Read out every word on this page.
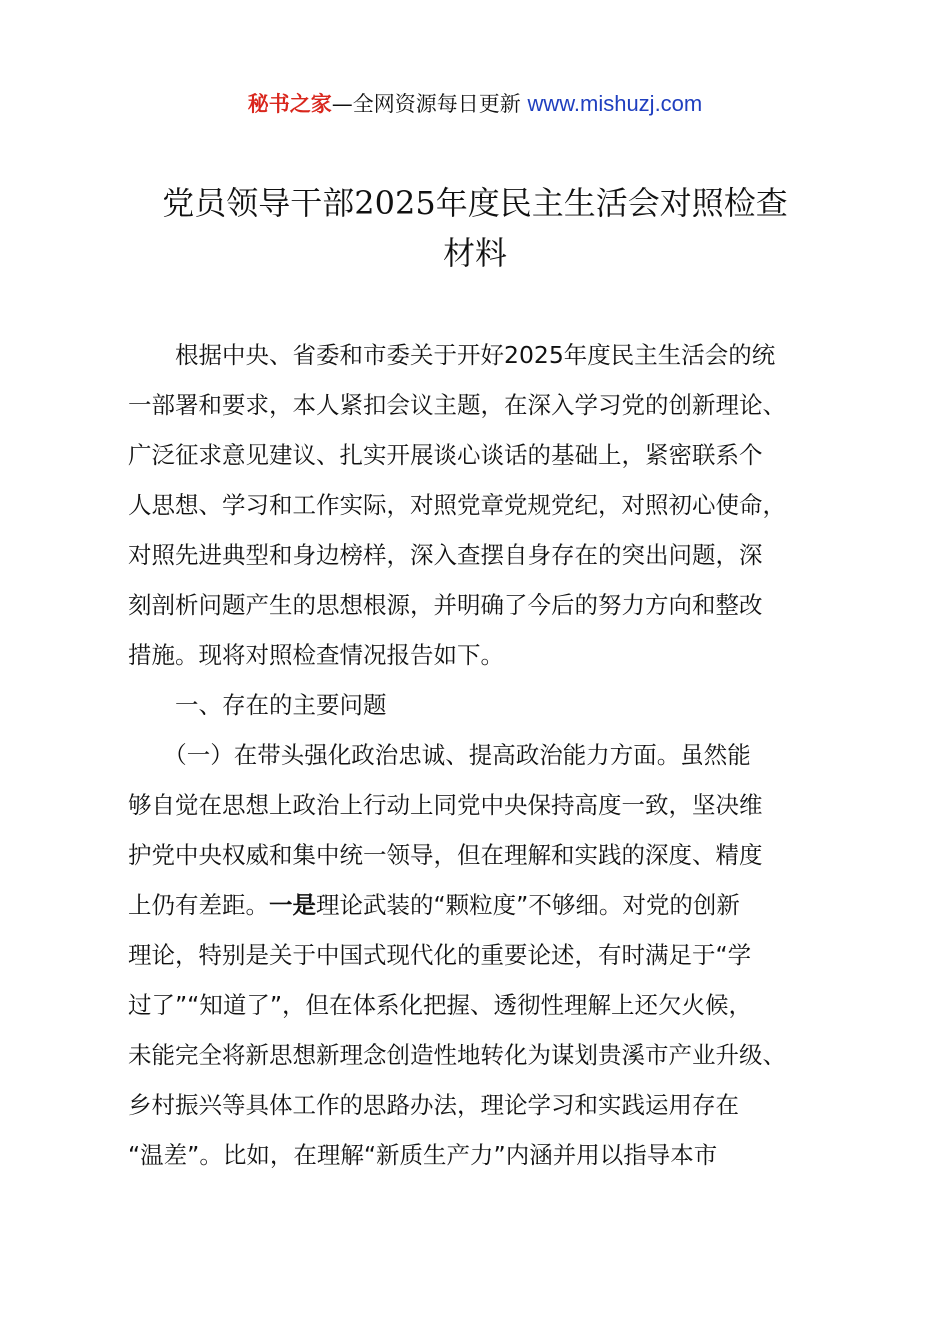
秘书之家—全网资源每日更新 www.mishuzj.com
党员领导干部2025年度民主生活会对照检查
材料
　　根据中央、省委和市委关于开好2025年度民主生活会的统
一部署和要求，本人紧扣会议主题，在深入学习党的创新理论、
广泛征求意见建议、扎实开展谈心谈话的基础上，紧密联系个
人思想、学习和工作实际，对照党章党规党纪，对照初心使命，
对照先进典型和身边榜样，深入查摆自身存在的突出问题，深
刻剖析问题产生的思想根源，并明确了今后的努力方向和整改
措施。现将对照检查情况报告如下。
　　一、存在的主要问题
　　（一）在带头强化政治忠诚、提高政治能力方面。虽然能
够自觉在思想上政治上行动上同党中央保持高度一致，坚决维
护党中央权威和集中统一领导，但在理解和实践的深度、精度
上仍有差距。一是理论武装的“颗粒度”不够细。对党的创新
理论，特别是关于中国式现代化的重要论述，有时满足于“学
过了”“知道了”，但在体系化把握、透彻性理解上还欠火候，
未能完全将新思想新理念创造性地转化为谋划贵溪市产业升级、
乡村振兴等具体工作的思路办法，理论学习和实践运用存在
“温差”。比如，在理解“新质生产力”内涵并用以指导本市
